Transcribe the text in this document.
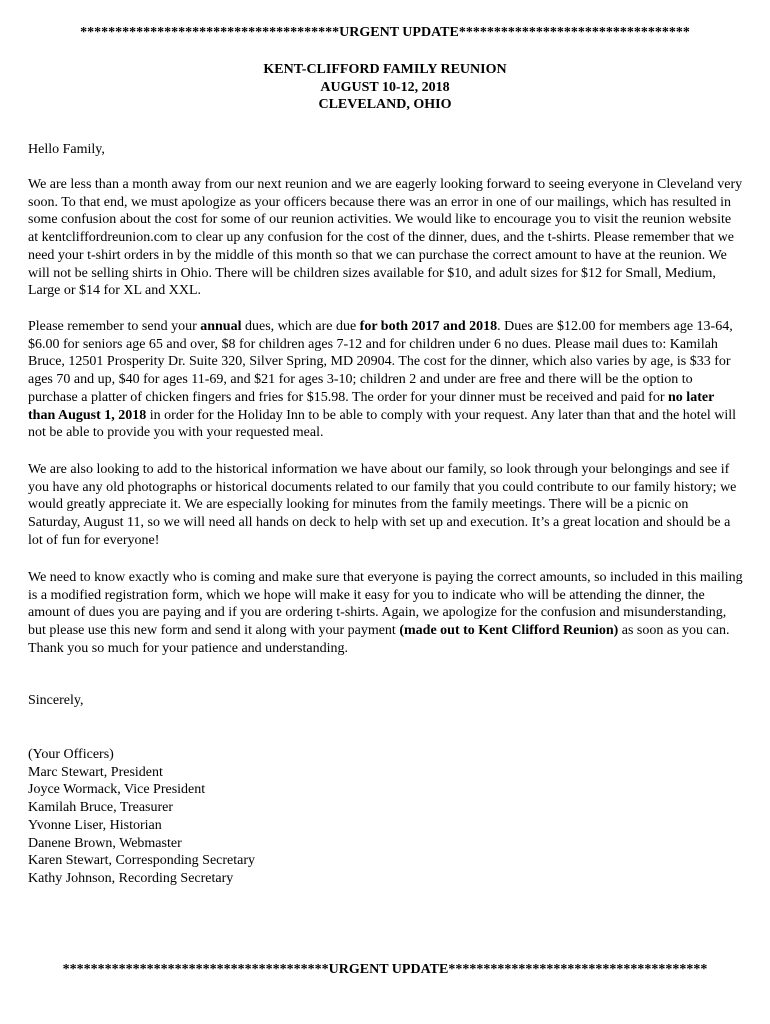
*************************************URGENT UPDATE*********************************
KENT-CLIFFORD FAMILY REUNION
AUGUST 10-12, 2018
CLEVELAND, OHIO

Hello Family,

We are less than a month away from our next reunion and we are eagerly looking forward to seeing everyone in Cleveland very soon. To that end, we must apologize as your officers because there was an error in one of our mailings, which has resulted in some confusion about the cost for some of our reunion activities. We would like to encourage you to visit the reunion website at kentcliffordreunion.com to clear up any confusion for the cost of the dinner, dues, and the t-shirts. Please remember that we need your t-shirt orders in by the middle of this month so that we can purchase the correct amount to have at the reunion. We will not be selling shirts in Ohio. There will be children sizes available for $10, and adult sizes for $12 for Small, Medium, Large or $14 for XL and XXL.

Please remember to send your annual dues, which are due for both 2017 and 2018. Dues are $12.00 for members age 13-64, $6.00 for seniors age 65 and over, $8 for children ages 7-12 and for children under 6 no dues. Please mail dues to: Kamilah Bruce, 12501 Prosperity Dr. Suite 320, Silver Spring, MD 20904. The cost for the dinner, which also varies by age, is $33 for ages 70 and up, $40 for ages 11-69, and $21 for ages 3-10; children 2 and under are free and there will be the option to purchase a platter of chicken fingers and fries for $15.98. The order for your dinner must be received and paid for no later than August 1, 2018 in order for the Holiday Inn to be able to comply with your request. Any later than that and the hotel will not be able to provide you with your requested meal.

We are also looking to add to the historical information we have about our family, so look through your belongings and see if you have any old photographs or historical documents related to our family that you could contribute to our family history; we would greatly appreciate it. We are especially looking for minutes from the family meetings. There will be a picnic on Saturday, August 11, so we will need all hands on deck to help with set up and execution. It’s a great location and should be a lot of fun for everyone!

We need to know exactly who is coming and make sure that everyone is paying the correct amounts, so included in this mailing is a modified registration form, which we hope will make it easy for you to indicate who will be attending the dinner, the amount of dues you are paying and if you are ordering t-shirts. Again, we apologize for the confusion and misunderstanding, but please use this new form and send it along with your payment (made out to Kent Clifford Reunion) as soon as you can. Thank you so much for your patience and understanding.

Sincerely,

(Your Officers)
Marc Stewart, President
Joyce Wormack, Vice President
Kamilah Bruce, Treasurer
Yvonne Liser, Historian
Danene Brown, Webmaster
Karen Stewart, Corresponding Secretary
Kathy Johnson, Recording Secretary
**************************************URGENT UPDATE*************************************
